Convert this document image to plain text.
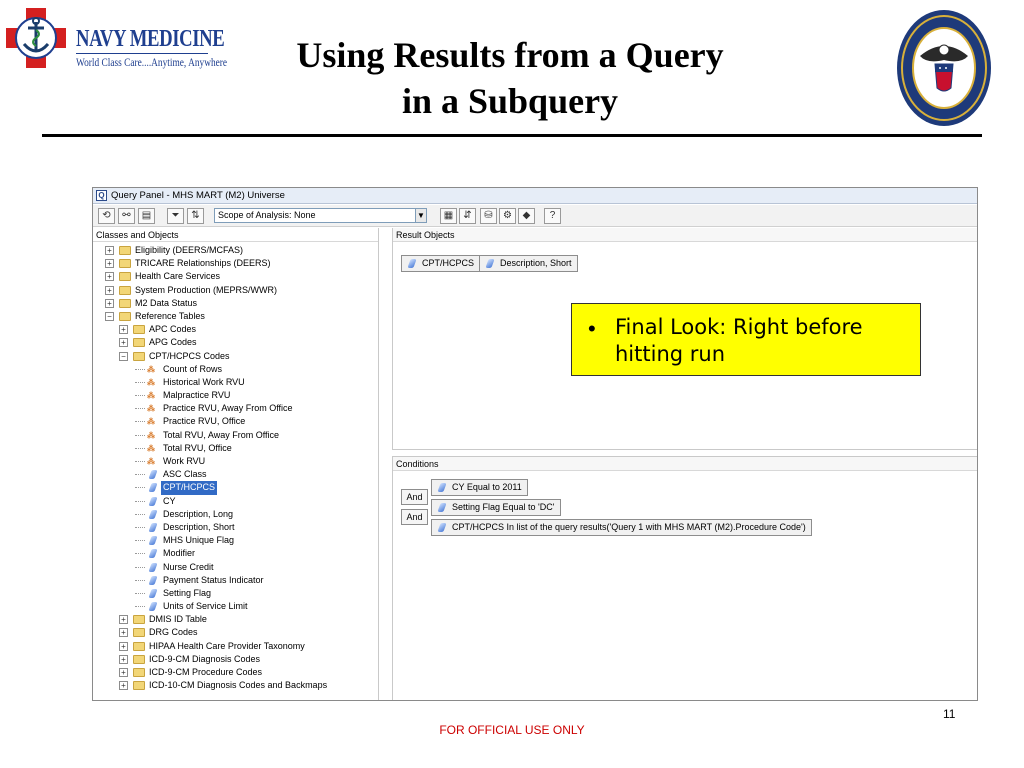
NAVY MEDICINE
World Class Care....Anytime, Anywhere	Using Results from a Query
in a Subquery
Q Query Panel - MHS MART (M2) Universe
⟲	⚯	▤	⏷	⇅	Scope of Analysis: None	▼	▦	⇵	⛁	⚙	◆	?
Classes and Objects
+	Eligibility (DEERS/MCFAS)
+	TRICARE Relationships (DEERS)
+	Health Care Services
+	System Production (MEPRS/WWR)
+	M2 Data Status
−	Reference Tables
+	APC Codes
+	APG Codes
−	CPT/HCPCS Codes
⁂ Count of Rows
⁂ Historical Work RVU
⁂ Malpractice RVU
⁂ Practice RVU, Away From Office
⁂ Practice RVU, Office
⁂ Total RVU, Away From Office
⁂ Total RVU, Office
⁂ Work RVU
ASC Class
CPT/HCPCS
CY
Description, Long
Description, Short
MHS Unique Flag
Modifier
Nurse Credit
Payment Status Indicator
Setting Flag
Units of Service Limit
+	DMIS ID Table
+	DRG Codes
+	HIPAA Health Care Provider Taxonomy
+	ICD-9-CM Diagnosis Codes
+	ICD-9-CM Procedure Codes
+	ICD-10-CM Diagnosis Codes and Backmaps
Result Objects
CPT/HCPCS	Description, Short
Conditions
CY Equal to 2011
And
Setting Flag Equal to 'DC'
And
CPT/HCPCS In list of the query results('Query 1 with MHS MART (M2).Procedure Code')
• Final Look: Right before hitting run
11
FOR OFFICIAL USE ONLY
